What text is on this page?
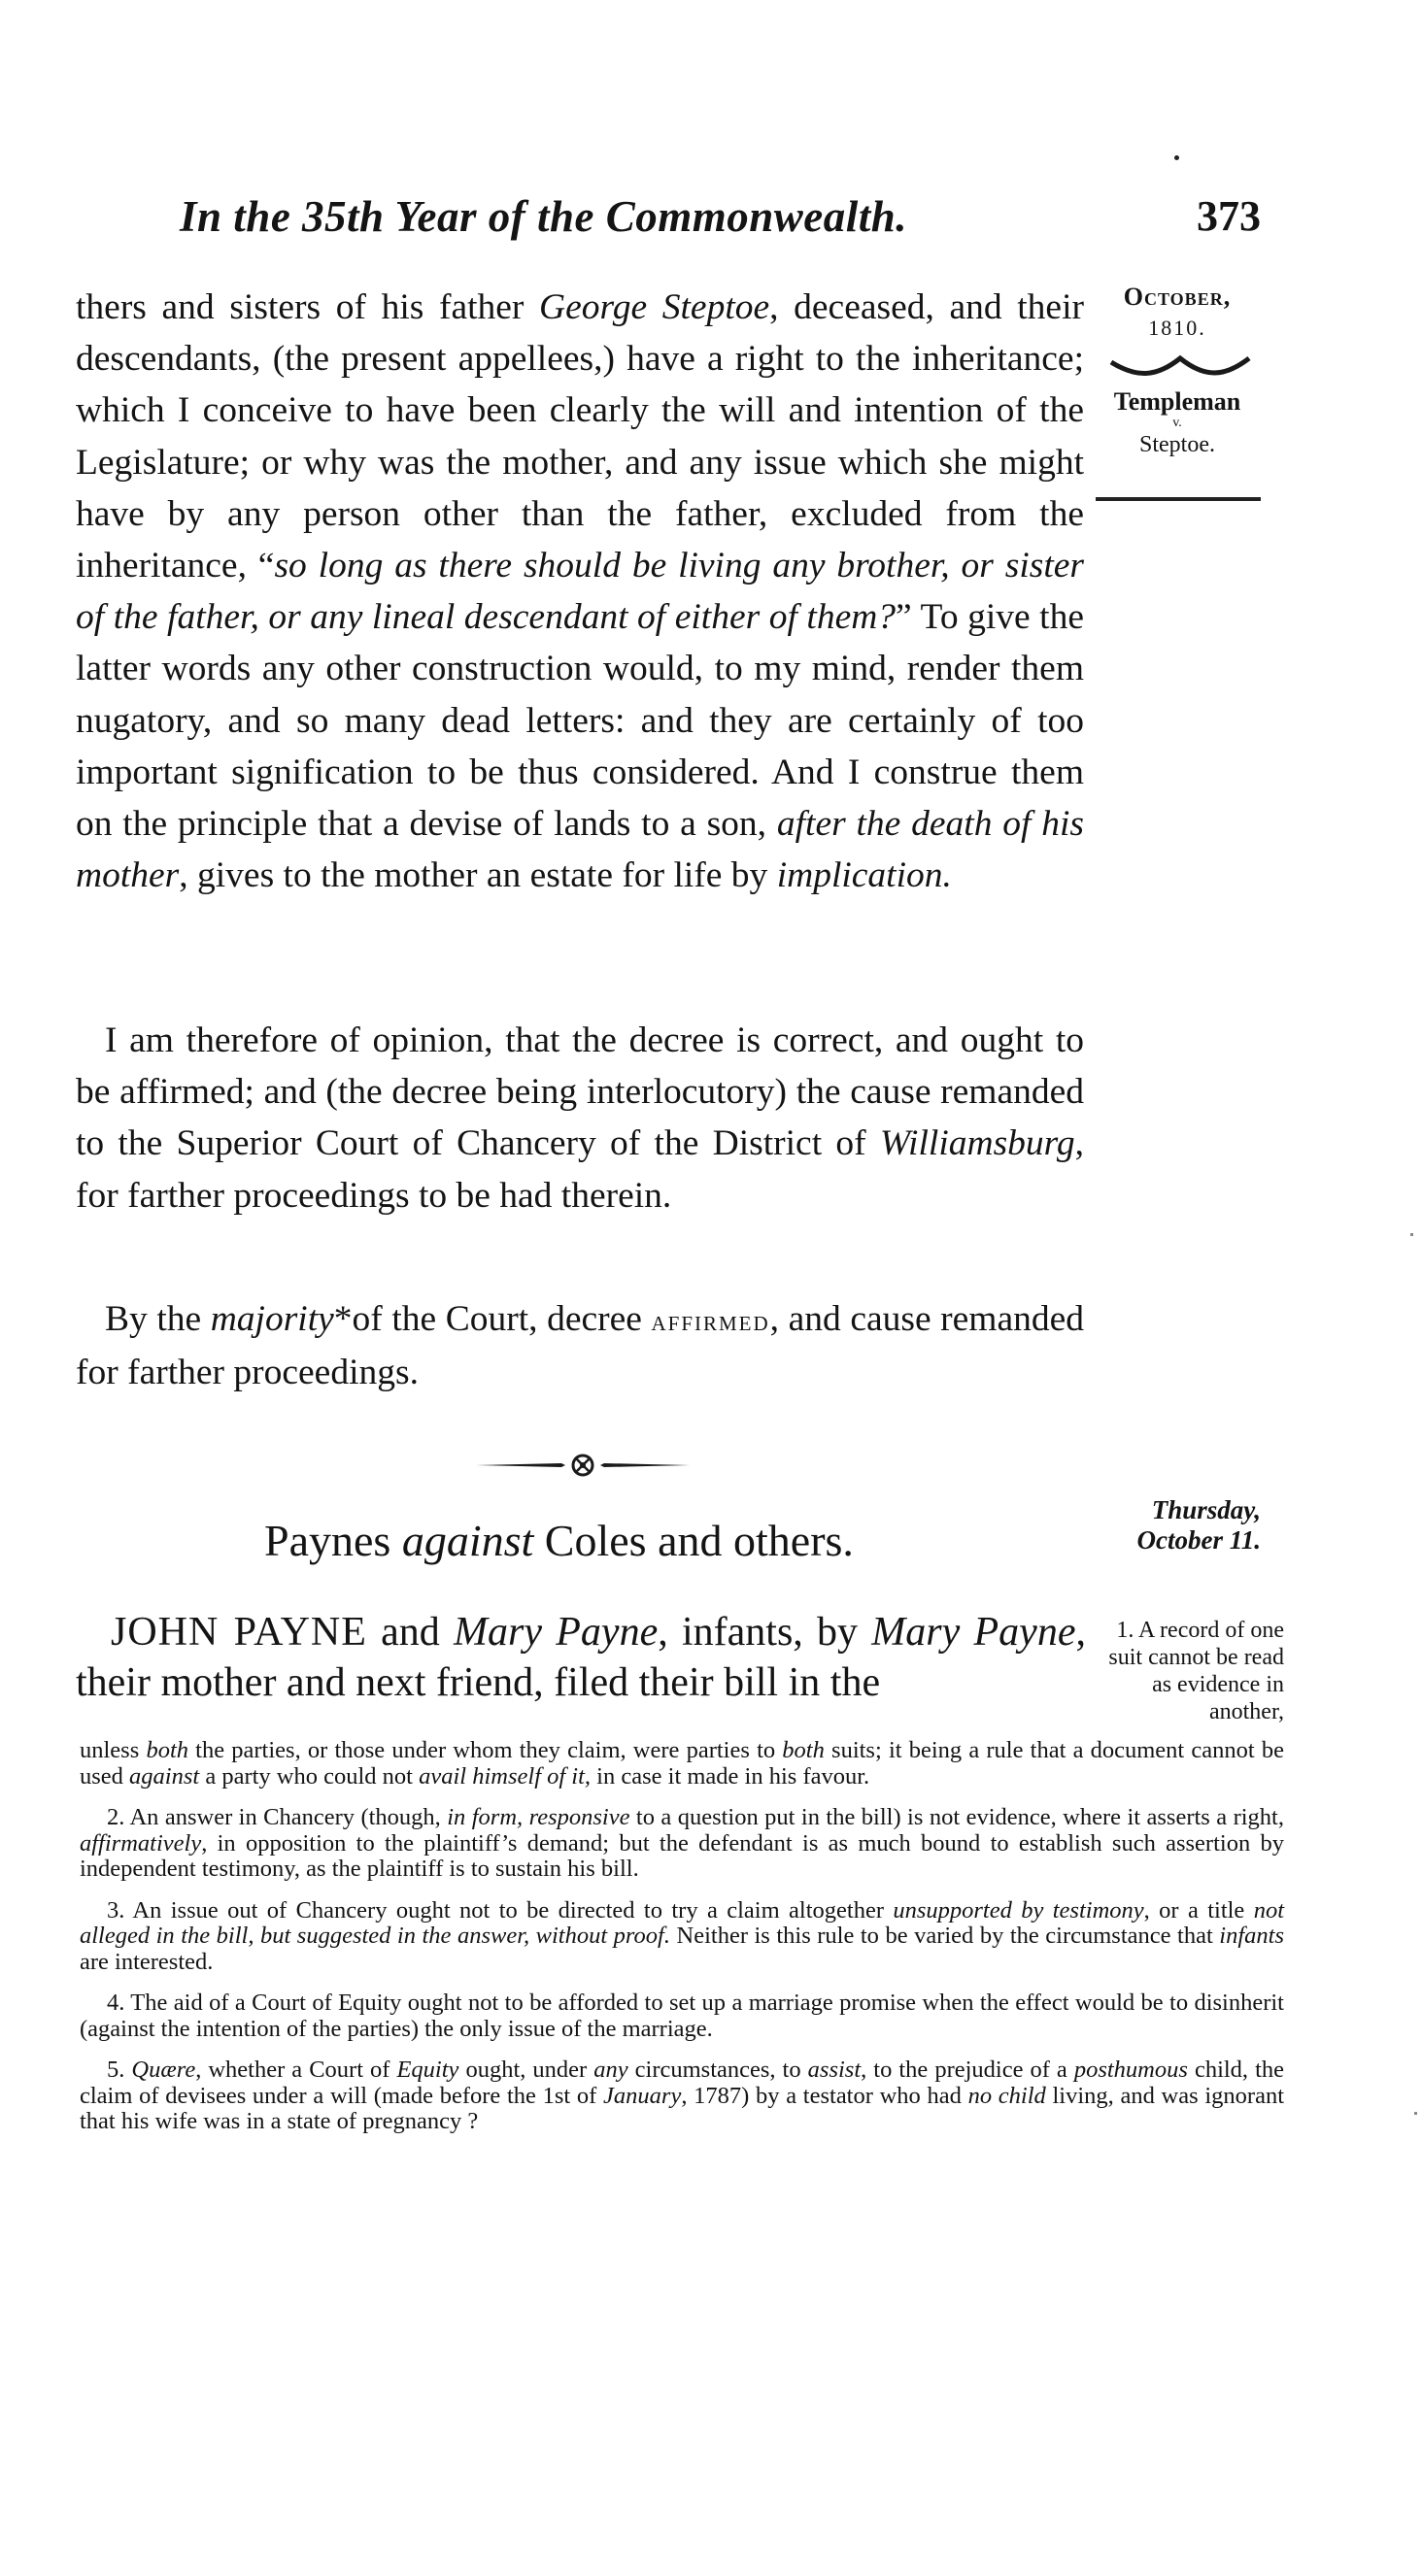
In the 35th Year of the Commonwealth.	373
October,
1810.
Templeman
v.
Steptoe.

thers and sisters of his father George Steptoe, deceased, and their descendants, (the present appellees,) have a right to the inheritance; which I conceive to have been clearly the will and intention of the Legislature; or why was the mother, and any issue which she might have by any person other than the father, excluded from the inheritance, “so long as there should be living any brother, or sister of the father, or any lineal descendant of either of them?” To give the latter words any other construction would, to my mind, render them nugatory, and so many dead letters: and they are certainly of too important signification to be thus considered. And I construe them on the principle that a devise of lands to a son, after the death of his mother, gives to the mother an estate for life by implication.

I am therefore of opinion, that the decree is correct, and ought to be affirmed; and (the decree being interlocutory) the cause remanded to the Superior Court of Chancery of the District of Williamsburg, for farther proceedings to be had therein.

By the majority*of the Court, decree affirmed, and cause remanded for farther proceedings.

Paynes against Coles and others.
Thursday,
October 11.

JOHN PAYNE and Mary Payne, infants, by Mary Payne, their mother and next friend, filed their bill in the

1. A record of one suit cannot be read as evidence in another,

unless both the parties, or those under whom they claim, were parties to both suits; it being a rule that a document cannot be used against a party who could not avail himself of it, in case it made in his favour.

2. An answer in Chancery (though, in form, responsive to a question put in the bill) is not evidence, where it asserts a right, affirmatively, in opposition to the plaintiff’s demand; but the defendant is as much bound to establish such assertion by independent testimony, as the plaintiff is to sustain his bill.

3. An issue out of Chancery ought not to be directed to try a claim altogether unsupported by testimony, or a title not alleged in the bill, but suggested in the answer, without proof. Neither is this rule to be varied by the circumstance that infants are interested.

4. The aid of a Court of Equity ought not to be afforded to set up a marriage promise when the effect would be to disinherit (against the intention of the parties) the only issue of the marriage.

5. Quære, whether a Court of Equity ought, under any circumstances, to assist, to the prejudice of a posthumous child, the claim of devisees under a will (made before the 1st of January, 1787) by a testator who had no child living, and was ignorant that his wife was in a state of pregnancy ?
